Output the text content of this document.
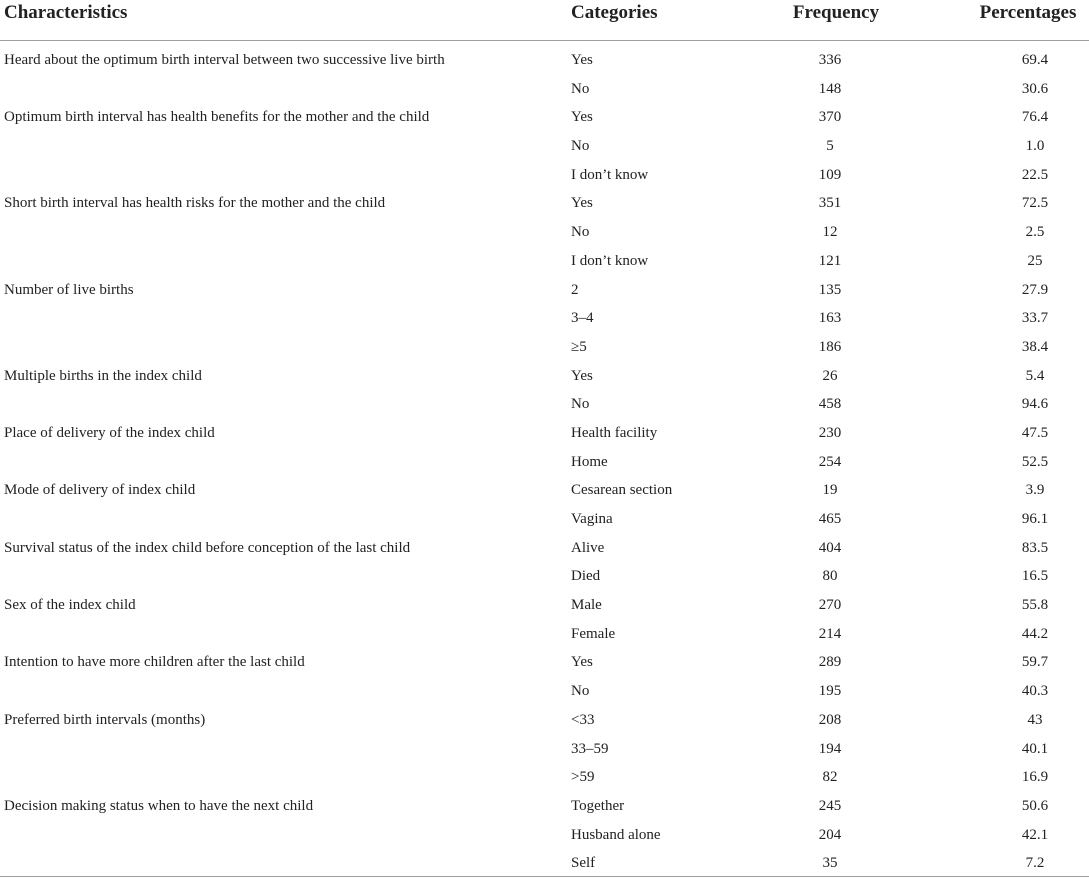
Characteristics	Categories	Frequency	Percentages
Heard about the optimum birth interval between two successive live birth	Yes	336	69.4
No	148	30.6
Optimum birth interval has health benefits for the mother and the child	Yes	370	76.4
No	5	1.0
I don’t know	109	22.5
Short birth interval has health risks for the mother and the child	Yes	351	72.5
No	12	2.5
I don’t know	121	25
Number of live births	2	135	27.9
3–4	163	33.7
≥5	186	38.4
Multiple births in the index child	Yes	26	5.4
No	458	94.6
Place of delivery of the index child	Health facility	230	47.5
Home	254	52.5
Mode of delivery of index child	Cesarean section	19	3.9
Vagina	465	96.1
Survival status of the index child before conception of the last child	Alive	404	83.5
Died	80	16.5
Sex of the index child	Male	270	55.8
Female	214	44.2
Intention to have more children after the last child	Yes	289	59.7
No	195	40.3
Preferred birth intervals (months)	<33	208	43
33–59	194	40.1
>59	82	16.9
Decision making status when to have the next child	Together	245	50.6
Husband alone	204	42.1
Self	35	7.2
